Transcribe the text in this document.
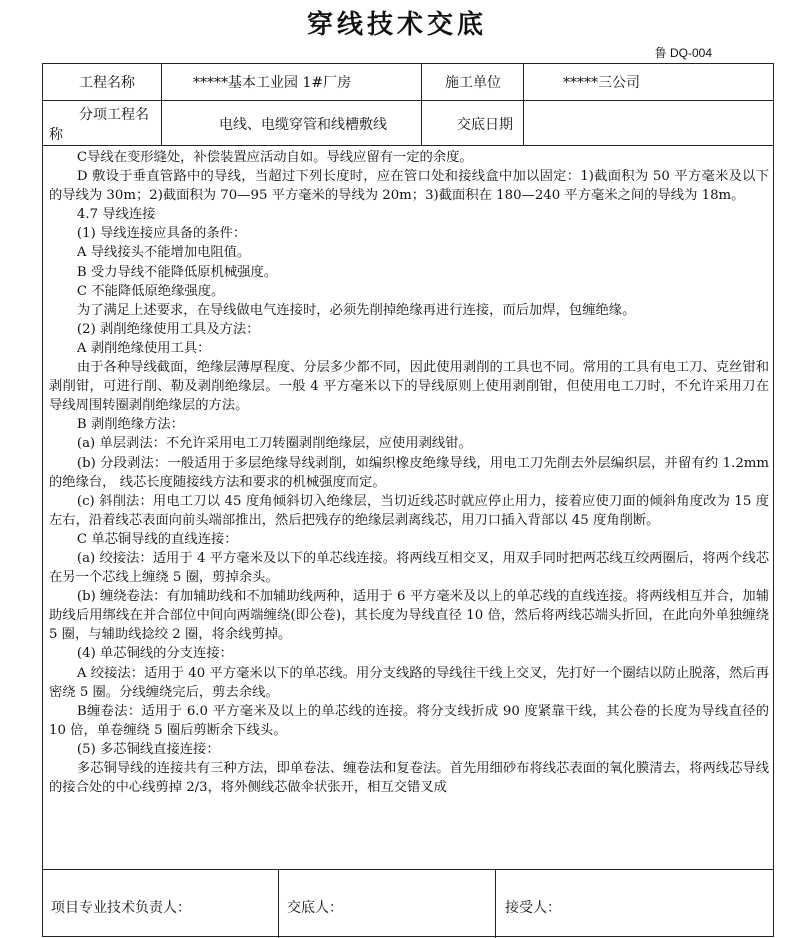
穿线技术交底
鲁 DQ-004
工程名称	*****基本工业园 1#厂房	施工单位	*****三公司
分项工程名
称
电线、电缆穿管和线槽敷线	交底日期

C导线在变形缝处，补偿装置应活动自如。导线应留有一定的余度。

D 敷设于垂直管路中的导线，当超过下列长度时，应在管口处和接线盒中加以固定：1)截面积为 50 平方毫米及以下的导线为 30m；2)截面积为 70—95 平方毫米的导线为 20m；3)截面积在 180—240 平方毫米之间的导线为 18m。

4.7 导线连接

(1) 导线连接应具备的条件：

A 导线接头不能增加电阻值。

B 受力导线不能降低原机械强度。

C 不能降低原绝缘强度。

为了满足上述要求，在导线做电气连接时，必须先削掉绝缘再进行连接，而后加焊，包缠绝缘。

(2) 剥削绝缘使用工具及方法：

A 剥削绝缘使用工具：

由于各种导线截面，绝缘层薄厚程度、分层多少都不同，因此使用剥削的工具也不同。常用的工具有电工刀、克丝钳和剥削钳，可进行削、勒及剥削绝缘层。一般 4 平方毫米以下的导线原则上使用剥削钳，但使用电工刀时，不允许采用刀在导线周围转圈剥削绝缘层的方法。

B 剥削绝缘方法：

(a) 单层剥法：不允许采用电工刀转圈剥削绝缘层，应使用剥线钳。

(b) 分段剥法：一般适用于多层绝缘导线剥削，如编织橡皮绝缘导线，用电工刀先削去外层编织层，并留有约 1.2mm 的绝缘台， 线芯长度随接线方法和要求的机械强度而定。

(c) 斜削法：用电工刀以 45 度角倾斜切入绝缘层，当切近线芯时就应停止用力，接着应使刀面的倾斜角度改为 15 度左右，沿着线芯表面向前头端部推出，然后把残存的绝缘层剥离线芯，用刀口插入背部以 45 度角削断。

C 单芯铜导线的直线连接：

(a) 绞接法：适用于 4 平方毫米及以下的单芯线连接。将两线互相交叉，用双手同时把两芯线互绞两圈后，将两个线芯在另一个芯线上缠绕 5 圈，剪掉余头。

(b) 缠绕卷法：有加辅助线和不加辅助线两种，适用于 6 平方毫米及以上的单芯线的直线连接。将两线相互并合，加辅助线后用绑线在并合部位中间向两端缠绕(即公卷)，其长度为导线直径 10 倍，然后将两线芯端头折回，在此向外单独缠绕 5 圈，与辅助线捻绞 2 圈，将余线剪掉。

(4) 单芯铜线的分支连接：

A 绞接法：适用于 40 平方毫米以下的单芯线。用分支线路的导线往干线上交叉，先打好一个圈结以防止脱落，然后再密绕 5 圈。分线缠绕完后，剪去余线。

B缠卷法：适用于 6.0 平方毫米及以上的单芯线的连接。将分支线折成 90 度紧靠干线，其公卷的长度为导线直径的 10 倍，单卷缠绕 5 圈后剪断余下线头。

(5) 多芯铜线直接连接：

多芯铜导线的连接共有三种方法，即单卷法、缠卷法和复卷法。首先用细砂布将线芯表面的氧化膜清去，将两线芯导线的接合处的中心线剪掉 2/3，将外侧线芯做伞状张开，相互交错叉成

项目专业技术负责人：	交底人：	接受人：
